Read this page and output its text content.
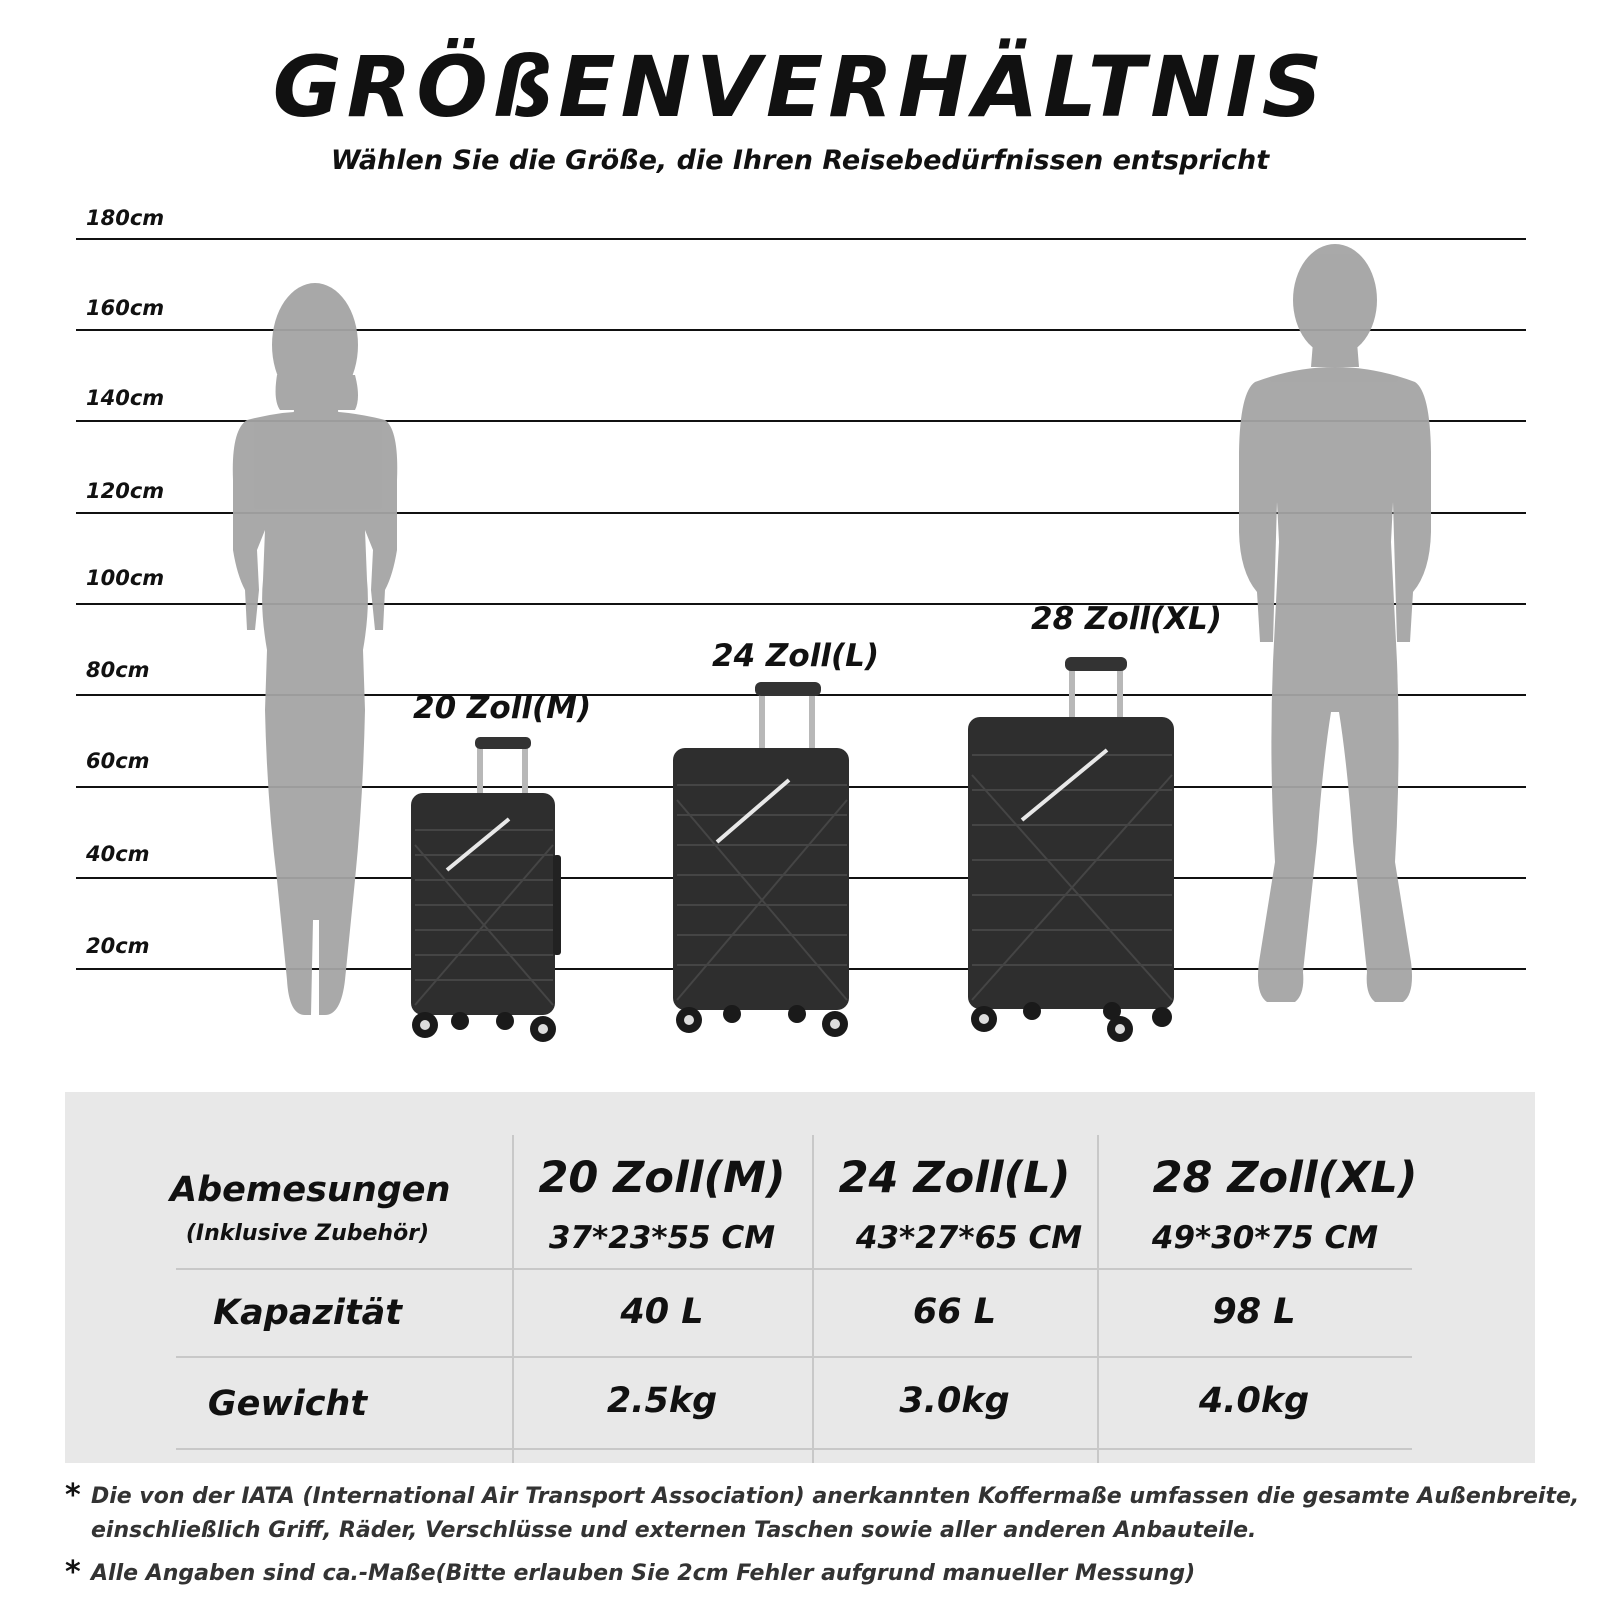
GRÖßENVERHÄLTNIS

Wählen Sie die Größe, die Ihren Reisebedürfnissen entspricht

180cm
160cm
140cm
120cm
100cm
80cm
60cm
40cm
20cm
20 Zoll(M)
24 Zoll(L)
28 Zoll(XL)
Abemesungen
(Inklusive Zubehör)
Kapazität
Gewicht
20 Zoll(M)
37*23*55 CM
40 L
2.5kg
24 Zoll(L)
43*27*65 CM
66 L
3.0kg
28 Zoll(XL)
49*30*75 CM
98 L
4.0kg
* Die von der IATA (International Air Transport Association) anerkannten Koffermaße umfassen die gesamte Außenbreite, einschließlich Griff, Räder, Verschlüsse und externen Taschen sowie aller anderen Anbauteile.
* Alle Angaben sind ca.-Maße(Bitte erlauben Sie 2cm Fehler aufgrund manueller Messung)
